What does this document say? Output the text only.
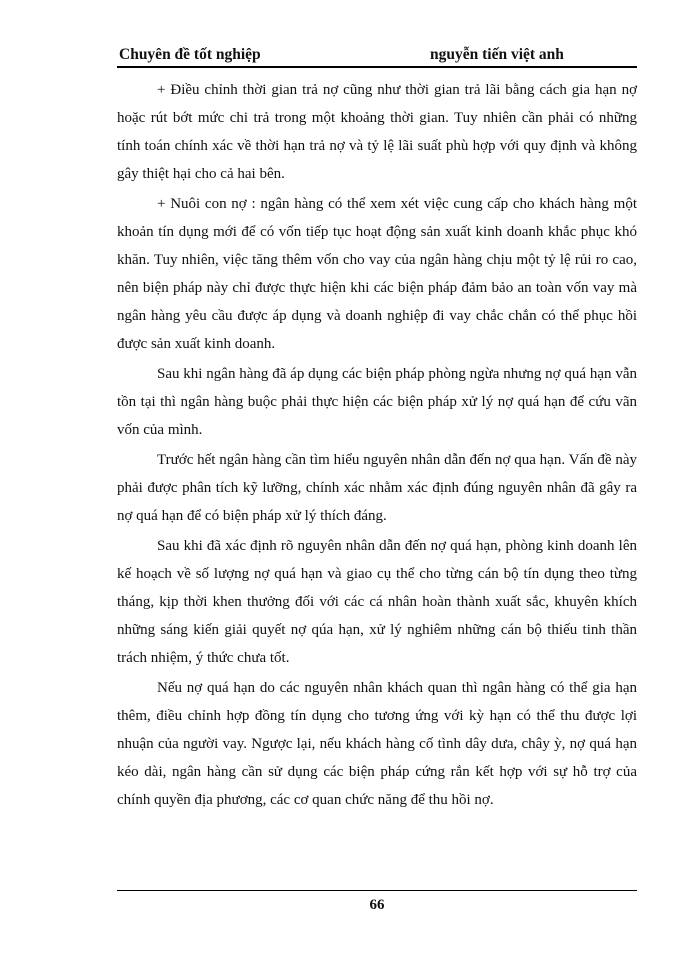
Chuyên đề tốt nghiệp	nguyễn tiến việt anh

+ Điều chỉnh thời gian trả nợ cũng như thời gian trả lãi bằng cách gia hạn nợ hoặc rút bớt mức chi trả trong một khoảng thời gian. Tuy nhiên cần phải có những tính toán chính xác về thời hạn trả nợ và tỷ lệ lãi suất phù hợp với quy định và không gây thiệt hại cho cả hai bên.

+ Nuôi con nợ : ngân hàng có thể xem xét việc cung cấp cho khách hàng một khoản tín dụng mới để có vốn tiếp tục hoạt động sản xuất kinh doanh khắc phục khó khăn. Tuy nhiên, việc tăng thêm vốn cho vay của ngân hàng chịu một tỷ lệ rủi ro cao, nên biện pháp này chỉ được thực hiện khi các biện pháp đảm bảo an toàn vốn vay mà ngân hàng yêu cầu được áp dụng và doanh nghiệp đi vay chắc chắn có thể phục hồi được sản xuất kinh doanh.

Sau khi ngân hàng đã áp dụng các biện pháp phòng ngừa nhưng nợ quá hạn vẫn tồn tại thì ngân hàng buộc phải thực hiện các biện pháp xử lý nợ quá hạn để cứu vãn vốn của mình.

Trước hết ngân hàng cần tìm hiểu nguyên nhân dẫn đến nợ qua hạn. Vấn đề này phải được phân tích kỹ lưỡng, chính xác nhằm xác định đúng nguyên nhân đã gây ra nợ quá hạn để có biện pháp xử lý thích đáng.

Sau khi đã xác định rõ nguyên nhân dẫn đến nợ quá hạn, phòng kinh doanh lên kế hoạch về số lượng nợ quá hạn và giao cụ thể cho từng cán bộ tín dụng theo từng tháng, kịp thời khen thưởng đối với các cá nhân hoàn thành xuất sắc, khuyên khích những sáng kiến giải quyết nợ qúa hạn, xử lý nghiêm những cán bộ thiếu tinh thần trách nhiệm, ý thức chưa tốt.

Nếu nợ quá hạn do các nguyên nhân khách quan thì ngân hàng có thể gia hạn thêm, điều chỉnh hợp đồng tín dụng cho tương ứng với kỳ hạn có thể thu được lợi nhuận của người vay. Ngược lại, nếu khách hàng cố tình dây dưa, chây ỳ, nợ quá hạn kéo dài, ngân hàng cần sử dụng các biện pháp cứng rắn kết hợp với sự hỗ trợ của chính quyền địa phương, các cơ quan chức năng để thu hồi nợ.

66
